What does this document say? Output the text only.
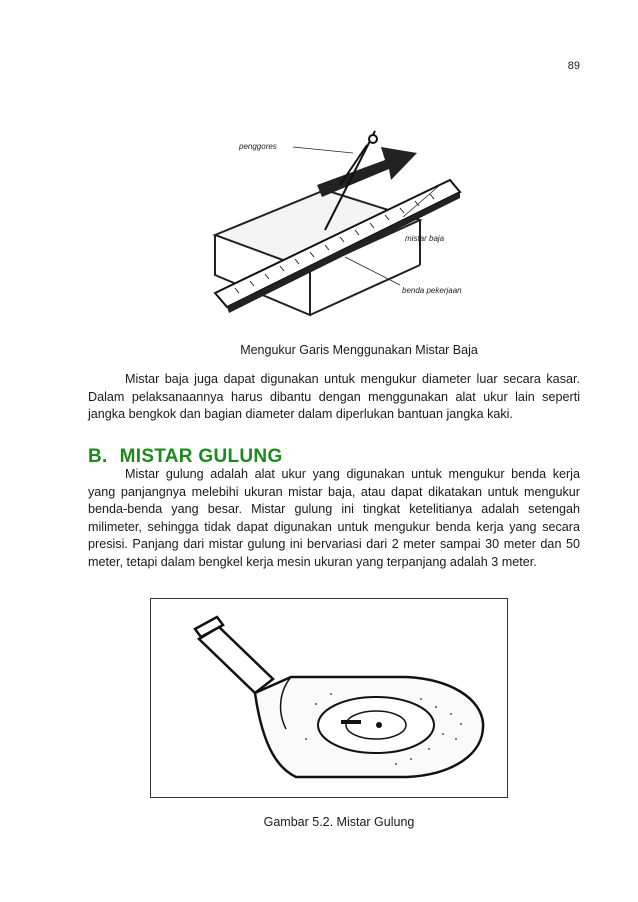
89
penggores
mistar baja
benda pekerjaan
Mengukur Garis Menggunakan Mistar Baja

Mistar baja juga dapat digunakan untuk mengukur diameter luar secara kasar. Dalam pelaksanaannya harus dibantu dengan menggunakan alat ukur lain seperti jangka bengkok dan bagian diameter dalam diperlukan bantuan jangka kaki.

B. MISTAR GULUNG

Mistar gulung adalah alat ukur yang digunakan untuk mengukur benda kerja yang panjangnya melebihi ukuran mistar baja, atau dapat dikatakan untuk mengukur benda-benda yang besar. Mistar gulung ini tingkat ketelitianya adalah setengah milimeter, sehingga tidak dapat digunakan untuk mengukur benda kerja yang secara presisi. Panjang dari mistar gulung ini bervariasi dari 2 meter sampai 30 meter dan 50 meter, tetapi dalam bengkel kerja mesin ukuran yang terpanjang adalah 3 meter.

Gambar 5.2. Mistar Gulung
